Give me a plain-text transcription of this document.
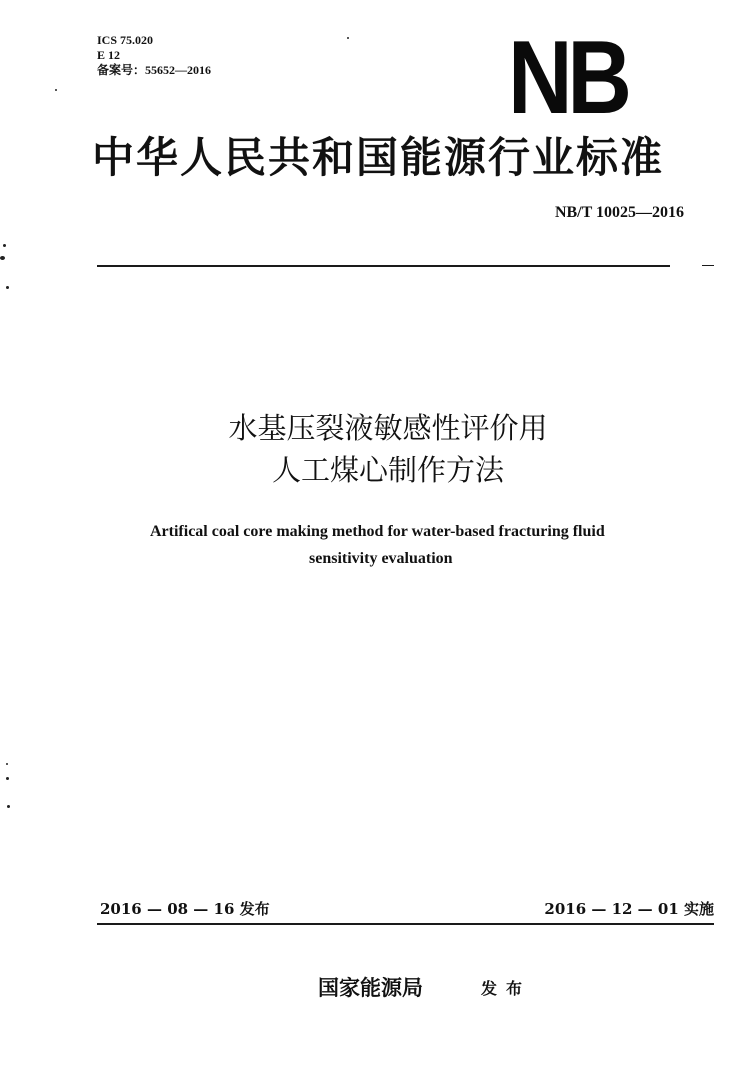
ICS 75.020
E 12
备案号：55652—2016	NB
中华人民共和国能源行业标准
NB/T 10025—2016
水基压裂液敏感性评价用
人工煤心制作方法
Artifical coal core making method for water-based fracturing fluid
sensitivity evaluation
2016 — 08 — 16 发布	2016 — 12 — 01 实施
国家能源局	发布
